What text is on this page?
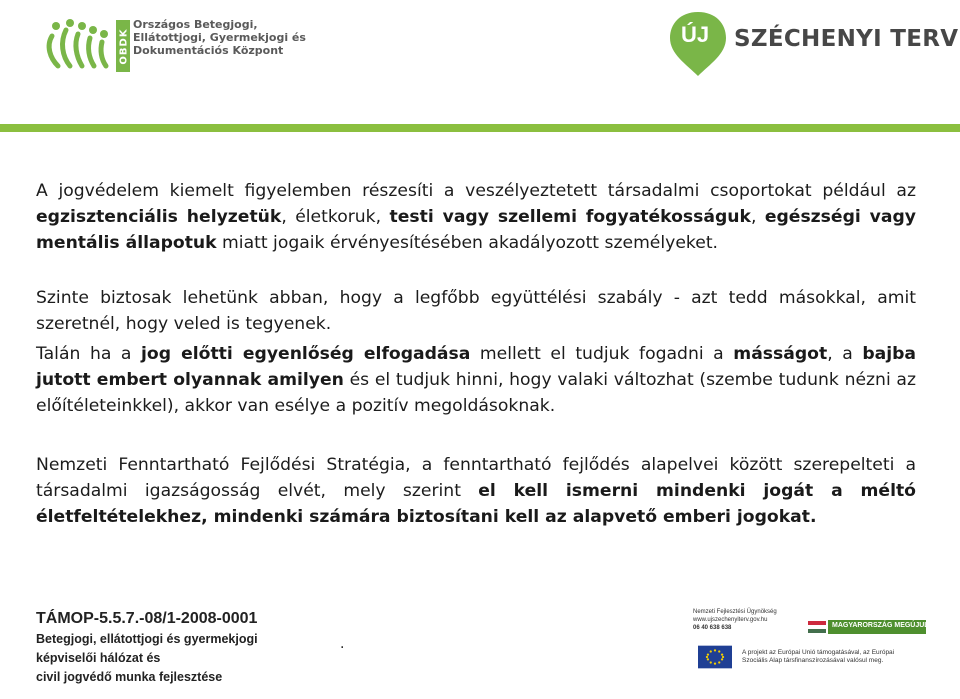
OBDK
Országos Betegjogi,
Ellátottjogi, Gyermekjogi és
Dokumentációs Központ
ÚJ SZÉCHENYI TERV
A jogvédelem kiemelt figyelemben részesíti a veszélyeztetett társadalmi csoportokat például az egzisztenciális helyzetük, életkoruk, testi vagy szellemi fogyatékosságuk, egészségi vagy mentális állapotuk miatt jogaik érvényesítésében akadályozott személyeket.
Szinte biztosak lehetünk abban, hogy a legfőbb együttélési szabály - azt tedd másokkal, amit szeretnél, hogy veled is tegyenek.
Talán ha a jog előtti egyenlőség elfogadása mellett el tudjuk fogadni a másságot, a bajba jutott embert olyannak amilyen és el tudjuk hinni, hogy valaki változhat (szembe tudunk nézni az előítéleteinkkel), akkor van esélye a pozitív megoldásoknak.
Nemzeti Fenntartható Fejlődési Stratégia, a fenntartható fejlődés alapelvei között szerepelteti a társadalmi igazságosság elvét, mely szerint el kell ismerni mindenki jogát a méltó életfeltételekhez, mindenki számára biztosítani kell az alapvető emberi jogokat.
TÁMOP-5.5.7.-08/1-2008-0001
Betegjogi, ellátottjogi és gyermekjogi
képviselői hálózat és
civil jogvédő munka fejlesztése
.
Nemzeti Fejlesztési Ügynökség
www.ujszechenyiterv.gov.hu
06 40 638 638	MAGYARORSZÁG MEGÚJUL
A projekt az Európai Unió támogatásával, az Európai
Szociális Alap társfinanszírozásával valósul meg.
